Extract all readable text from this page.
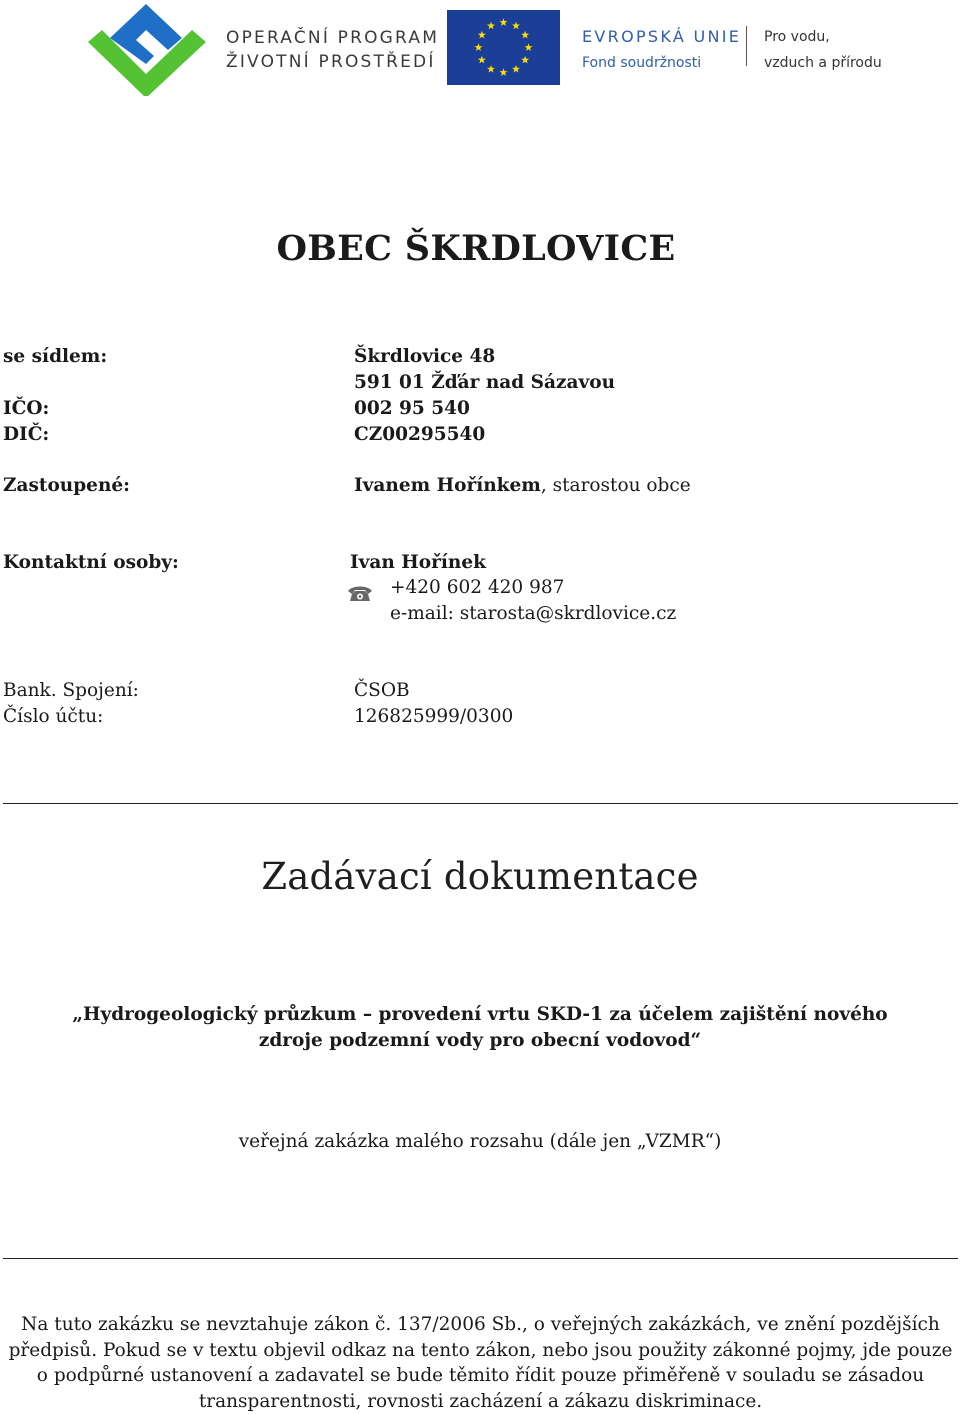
OPERAČNÍ PROGRAM
ŽIVOTNÍ PROSTŘEDÍ
EVROPSKÁ UNIE
Fond soudržnosti
Pro vodu,
vzduch a přírodu
OBEC ŠKRDLOVICE
se sídlem:	Škrdlovice 48
591 01 Žďár nad Sázavou
IČO:	002 95 540
DIČ:	CZ00295540
Zastoupené:	Ivanem Hořínkem, starostou obce
Kontaktní osoby:	Ivan Hořínek
+420 602 420 987
e-mail: starosta@skrdlovice.cz
Bank. Spojení:	ČSOB
Číslo účtu:	126825999/0300
Zadávací dokumentace
„Hydrogeologický průzkum – provedení vrtu SKD-1 za účelem zajištění nového zdroje podzemní vody pro obecní vodovod“
veřejná zakázka malého rozsahu (dále jen „VZMR“)
Na tuto zakázku se nevztahuje zákon č. 137/2006 Sb., o veřejných zakázkách, ve znění pozdějších předpisů. Pokud se v textu objevil odkaz na tento zákon, nebo jsou použity zákonné pojmy, jde pouze o podpůrné ustanovení a zadavatel se bude těmito řídit pouze přiměřeně v souladu se zásadou transparentnosti, rovnosti zacházení a zákazu diskriminace.
